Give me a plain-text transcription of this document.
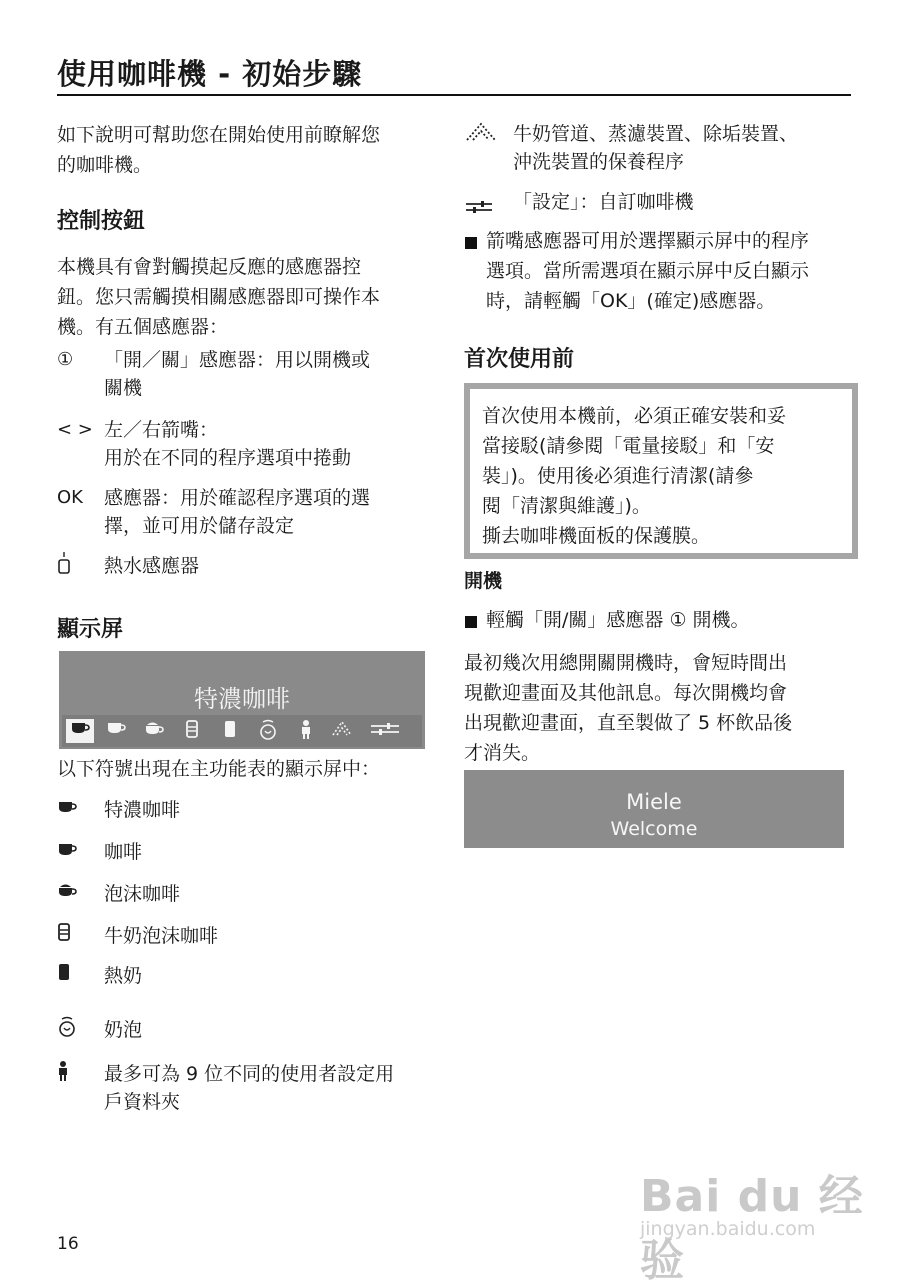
使用咖啡機 - 初始步驟
如下說明可幫助您在開始使用前瞭解您
的咖啡機。
控制按鈕
本機具有會對觸摸起反應的感應器控
鈕。您只需觸摸相關感應器即可操作本
機。有五個感應器：
①	「開／關」感應器：用以開機或
關機
< > 左／右箭嘴：
用於在不同的程序選項中捲動
OK	感應器：用於確認程序選項的選
擇，並可用於儲存設定
熱水感應器
顯示屏
特濃咖啡
以下符號出現在主功能表的顯示屏中：
特濃咖啡
咖啡
泡沫咖啡
牛奶泡沫咖啡
熱奶
奶泡
最多可為 9 位不同的使用者設定用
戶資料夾
牛奶管道、蒸濾裝置、除垢裝置、
沖洗裝置的保養程序
「設定」：自訂咖啡機
箭嘴感應器可用於選擇顯示屏中的程序
選項。當所需選項在顯示屏中反白顯示
時，請輕觸「OK」(確定)感應器。
首次使用前
首次使用本機前，必須正確安裝和妥
當接駁(請參閱「電量接駁」和「安
裝」)。使用後必須進行清潔(請參
閱「清潔與維護」)。
撕去咖啡機面板的保護膜。
開機
輕觸「開/關」感應器 ① 開機。
最初幾次用總開關開機時，會短時間出
現歡迎畫面及其他訊息。每次開機均會
出現歡迎畫面，直至製做了 5 杯飲品後
才消失。
Miele
Welcome
16
Bai du 经验
jingyan.baidu.com
